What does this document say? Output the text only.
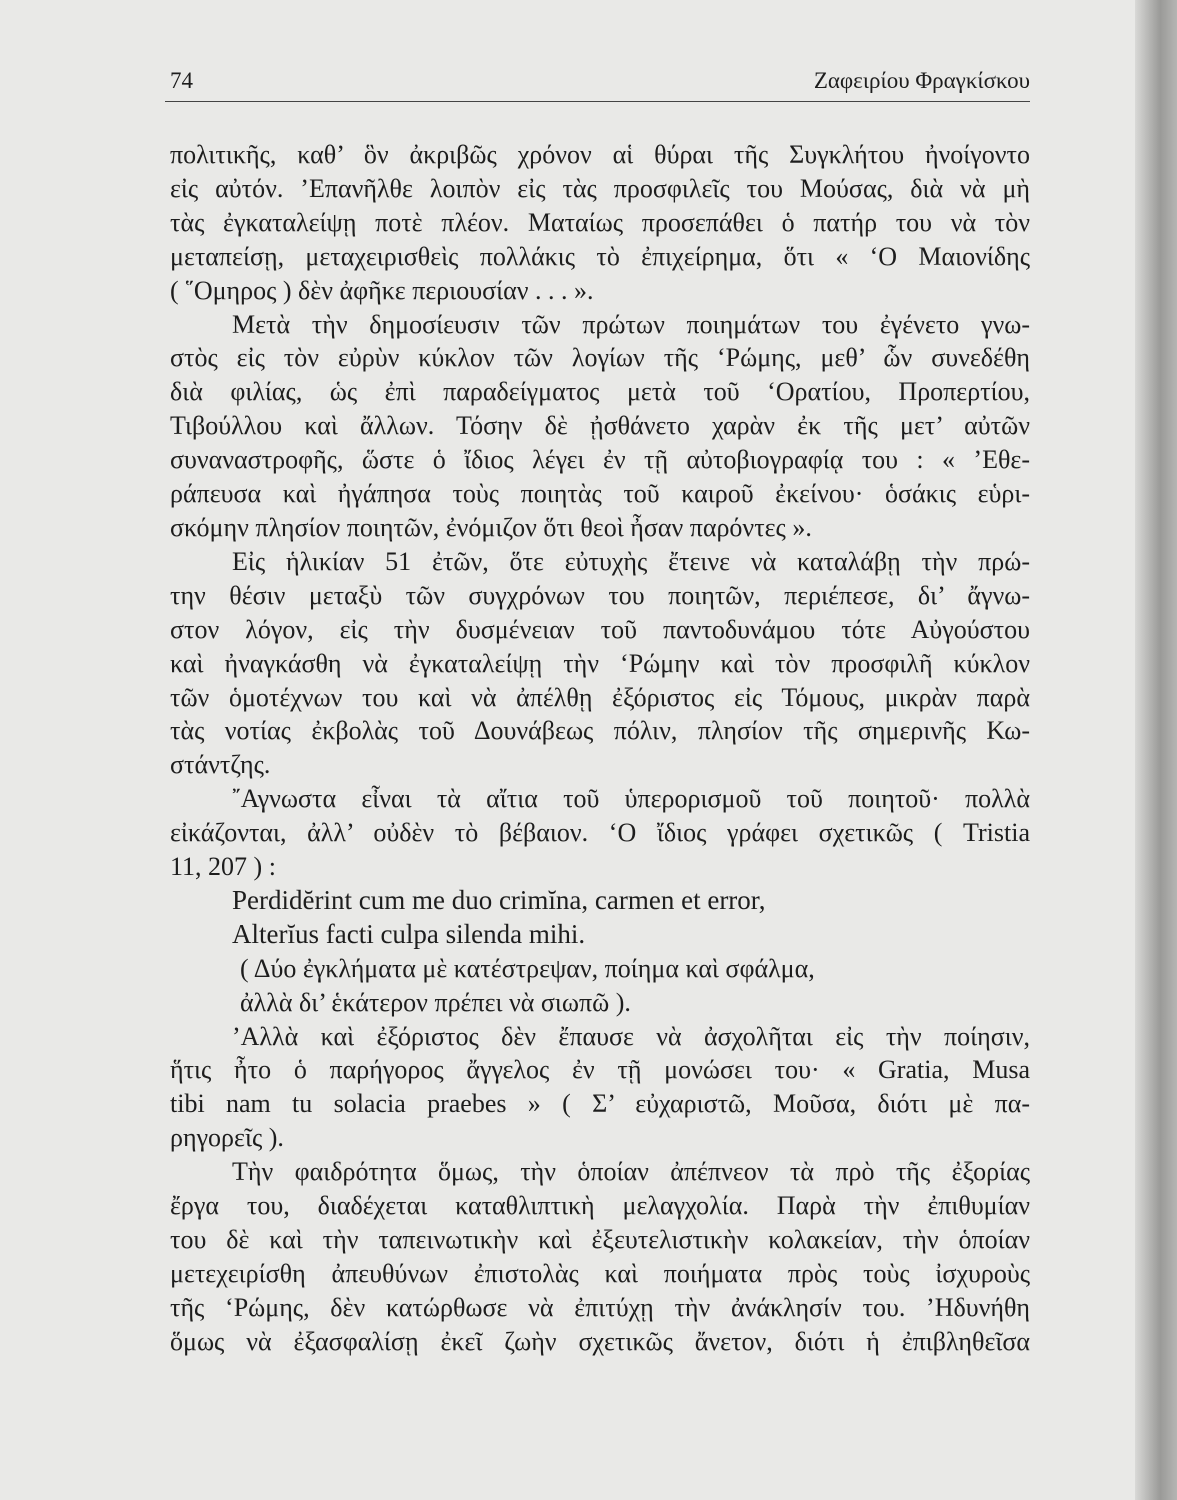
74	Ζαφειρίου Φραγκίσκου
πολιτικῆς, καθ’ ὃν ἀκριβῶς χρόνον αἱ θύραι τῆς Συγκλήτου ἠνοίγοντο
εἰς αὐτόν. ’Επανῆλθε λοιπὸν εἰς τὰς προσφιλεῖς του Μούσας, διὰ νὰ μὴ
τὰς ἐγκαταλείψῃ ποτὲ πλέον. Ματαίως προσεπάθει ὁ πατήρ του νὰ τὸν
μεταπείσῃ, μεταχειρισθεὶς πολλάκις τὸ ἐπιχείρημα, ὅτι « ‘Ο Μαιονίδης
( ῞Ομηρος ) δὲν ἀφῆκε περιουσίαν . . . ».
Μετὰ τὴν δημοσίευσιν τῶν πρώτων ποιημάτων του ἐγένετο γνω-
στὸς εἰς τὸν εὐρὺν κύκλον τῶν λογίων τῆς ‘Ρώμης, μεθ’ ὧν συνεδέθη
διὰ φιλίας, ὡς ἐπὶ παραδείγματος μετὰ τοῦ ‘Ορατίου, Προπερτίου,
Τιβούλλου καὶ ἄλλων. Τόσην δὲ ᾐσθάνετο χαρὰν ἐκ τῆς μετ’ αὐτῶν
συναναστροφῆς, ὥστε ὁ ἴδιος λέγει ἐν τῇ αὐτοβιογραφίᾳ του : « ’Εθε-
ράπευσα καὶ ἠγάπησα τοὺς ποιητὰς τοῦ καιροῦ ἐκείνου· ὁσάκις εὑρι-
σκόμην πλησίον ποιητῶν, ἐνόμιζον ὅτι θεοὶ ἦσαν παρόντες ».
Εἰς ἡλικίαν 51 ἐτῶν, ὅτε εὐτυχὴς ἔτεινε νὰ καταλάβῃ τὴν πρώ-
την θέσιν μεταξὺ τῶν συγχρόνων του ποιητῶν, περιέπεσε, δι’ ἄγνω-
στον λόγον, εἰς τὴν δυσμένειαν τοῦ παντοδυνάμου τότε Αὐγούστου
καὶ ἠναγκάσθη νὰ ἐγκαταλείψῃ τὴν ‘Ρώμην καὶ τὸν προσφιλῆ κύκλον
τῶν ὁμοτέχνων του καὶ νὰ ἀπέλθῃ ἐξόριστος εἰς Τόμους, μικρὰν παρὰ
τὰς νοτίας ἐκβολὰς τοῦ Δουνάβεως πόλιν, πλησίον τῆς σημερινῆς Κω-
στάντζης.
῎Αγνωστα εἶναι τὰ αἴτια τοῦ ὑπερορισμοῦ τοῦ ποιητοῦ· πολλὰ
εἰκάζονται, ἀλλ’ οὐδὲν τὸ βέβαιον. ‘Ο ἴδιος γράφει σχετικῶς ( Tristia
11, 207 ) :
Perdidĕrint cum me duo crimĭna, carmen et error,
Alterĭus facti culpa silenda mihi.
( Δύο ἐγκλήματα μὲ κατέστρεψαν, ποίημα καὶ σφάλμα,
ἀλλὰ δι’ ἑκάτερον πρέπει νὰ σιωπῶ ).
’Αλλὰ καὶ ἐξόριστος δὲν ἔπαυσε νὰ ἀσχολῆται εἰς τὴν ποίησιν,
ἥτις ἦτο ὁ παρήγορος ἄγγελος ἐν τῇ μονώσει του· « Gratia, Musa
tibi nam tu solacia praebes » ( Σ’ εὐχαριστῶ, Μοῦσα, διότι μὲ πα-
ρηγορεῖς ).
Τὴν φαιδρότητα ὅμως, τὴν ὁποίαν ἀπέπνεον τὰ πρὸ τῆς ἐξορίας
ἔργα του, διαδέχεται καταθλιπτικὴ μελαγχολία. Παρὰ τὴν ἐπιθυμίαν
του δὲ καὶ τὴν ταπεινωτικὴν καὶ ἐξευτελιστικὴν κολακείαν, τὴν ὁποίαν
μετεχειρίσθη ἀπευθύνων ἐπιστολὰς καὶ ποιήματα πρὸς τοὺς ἰσχυροὺς
τῆς ‘Ρώμης, δὲν κατώρθωσε νὰ ἐπιτύχῃ τὴν ἀνάκλησίν του. ’Ηδυνήθη
ὅμως νὰ ἐξασφαλίσῃ ἐκεῖ ζωὴν σχετικῶς ἄνετον, διότι ἡ ἐπιβληθεῖσα
